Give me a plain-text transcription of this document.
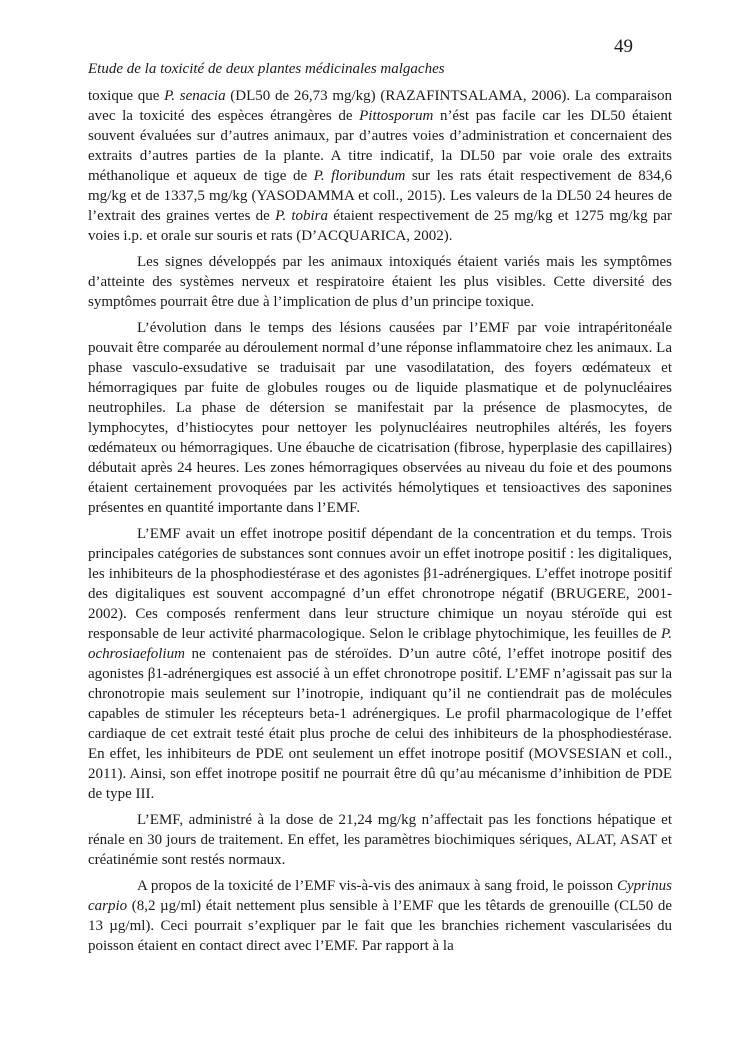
49
Etude de la toxicité de deux plantes médicinales malgaches

toxique que P. senacia (DL50 de 26,73 mg/kg) (RAZAFINTSALAMA, 2006). La comparaison avec la toxicité des espèces étrangères de Pittosporum n’ést pas facile car les DL50 étaient souvent évaluées sur d’autres animaux, par d’autres voies d’administration et concernaient des extraits d’autres parties de la plante. A titre indicatif, la DL50 par voie orale des extraits méthanolique et aqueux de tige de P. floribundum sur les rats était respectivement de 834,6 mg/kg et de 1337,5 mg/kg (YASODAMMA et coll., 2015). Les valeurs de la DL50 24 heures de l’extrait des graines vertes de P. tobira étaient respectivement de 25 mg/kg et 1275 mg/kg par voies i.p. et orale sur souris et rats (D’ACQUARICA, 2002).

Les signes développés par les animaux intoxiqués étaient variés mais les symptômes d’atteinte des systèmes nerveux et respiratoire étaient les plus visibles. Cette diversité des symptômes pourrait être due à l’implication de plus d’un principe toxique.

L’évolution dans le temps des lésions causées par l’EMF par voie intrapéritonéale pouvait être comparée au déroulement normal d’une réponse inflammatoire chez les animaux. La phase vasculo-exsudative se traduisait par une vasodilatation, des foyers œdémateux et hémorragiques par fuite de globules rouges ou de liquide plasmatique et de polynucléaires neutrophiles. La phase de détersion se manifestait par la présence de plasmocytes, de lymphocytes, d’histiocytes pour nettoyer les polynucléaires neutrophiles altérés, les foyers œdémateux ou hémorragiques. Une ébauche de cicatrisation (fibrose, hyperplasie des capillaires) débutait après 24 heures. Les zones hémorragiques observées au niveau du foie et des poumons étaient certainement provoquées par les activités hémolytiques et tensioactives des saponines présentes en quantité importante dans l’EMF.

L’EMF avait un effet inotrope positif dépendant de la concentration et du temps. Trois principales catégories de substances sont connues avoir un effet inotrope positif : les digitaliques, les inhibiteurs de la phosphodiestérase et des agonistes β1-adrénergiques. L’effet inotrope positif des digitaliques est souvent accompagné d’un effet chronotrope négatif (BRUGERE, 2001-2002). Ces composés renferment dans leur structure chimique un noyau stéroïde qui est responsable de leur activité pharmacologique. Selon le criblage phytochimique, les feuilles de P. ochrosiaefolium ne contenaient pas de stéroïdes. D’un autre côté, l’effet inotrope positif des agonistes β1-adrénergiques est associé à un effet chronotrope positif. L’EMF n’agissait pas sur la chronotropie mais seulement sur l’inotropie, indiquant qu’il ne contiendrait pas de molécules capables de stimuler les récepteurs beta-1 adrénergiques. Le profil pharmacologique de l’effet cardiaque de cet extrait testé était plus proche de celui des inhibiteurs de la phosphodiestérase. En effet, les inhibiteurs de PDE ont seulement un effet inotrope positif (MOVSESIAN et coll., 2011). Ainsi, son effet inotrope positif ne pourrait être dû qu’au mécanisme d’inhibition de PDE de type III.

L’EMF, administré à la dose de 21,24 mg/kg n’affectait pas les fonctions hépatique et rénale en 30 jours de traitement. En effet, les paramètres biochimiques sériques, ALAT, ASAT et créatinémie sont restés normaux.

A propos de la toxicité de l’EMF vis-à-vis des animaux à sang froid, le poisson Cyprinus carpio (8,2 µg/ml) était nettement plus sensible à l’EMF que les têtards de grenouille (CL50 de 13 µg/ml). Ceci pourrait s’expliquer par le fait que les branchies richement vascularisées du poisson étaient en contact direct avec l’EMF. Par rapport à la
